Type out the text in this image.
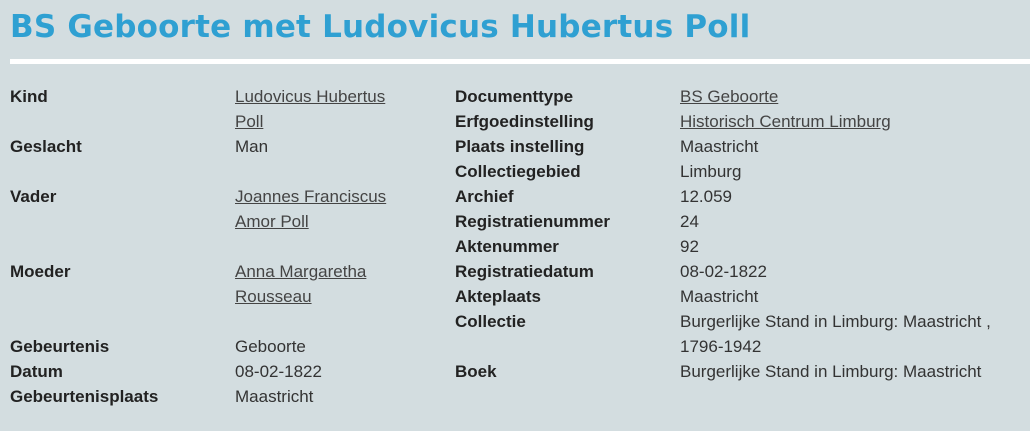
BS Geboorte met Ludovicus Hubertus Poll
Kind	Ludovicus Hubertus Poll
Geslacht	Man

Vader	Joannes Franciscus Amor Poll

Moeder	Anna Margaretha Rousseau

Gebeurtenis	Geboorte
Datum	08-02-1822
Gebeurtenisplaats	Maastricht
Documenttype	BS Geboorte
Erfgoedinstelling	Historisch Centrum Limburg
Plaats instelling	Maastricht
Collectiegebied	Limburg
Archief	12.059
Registratienummer	24
Aktenummer	92
Registratiedatum	08-02-1822
Akteplaats	Maastricht
Collectie	Burgerlijke Stand in Limburg: Maastricht , 1796-1942
Boek	Burgerlijke Stand in Limburg: Maastricht
